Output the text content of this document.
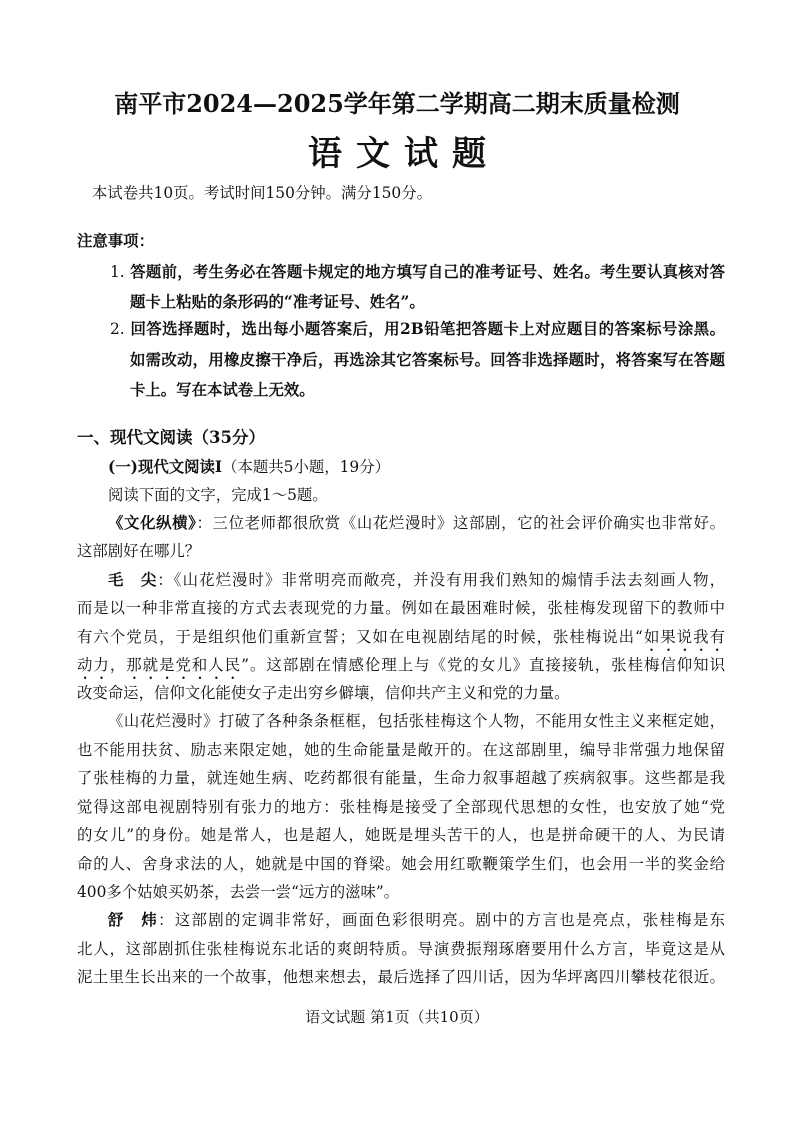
南平市2024—2025学年第二学期高二期末质量检测
语文试题
本试卷共10页。考试时间150分钟。满分150分。
注意事项：
1. 答题前，考生务必在答题卡规定的地方填写自己的准考证号、姓名。考生要认真核对答
题卡上粘贴的条形码的“准考证号、姓名”。
2. 回答选择题时，选出每小题答案后，用2B铅笔把答题卡上对应题目的答案标号涂黑。
如需改动，用橡皮擦干净后，再选涂其它答案标号。回答非选择题时，将答案写在答题
卡上。写在本试卷上无效。
一、现代文阅读（35分）
(一)现代文阅读Ⅰ（本题共5小题，19分）
阅读下面的文字，完成1～5题。
《文化纵横》：三位老师都很欣赏《山花烂漫时》这部剧，它的社会评价确实也非常好。
这部剧好在哪儿？
毛　尖：《山花烂漫时》非常明亮而敞亮，并没有用我们熟知的煽情手法去刻画人物，
而是以一种非常直接的方式去表现党的力量。例如在最困难时候，张桂梅发现留下的教师中
有六个党员，于是组织他们重新宣誓；又如在电视剧结尾的时候，张桂梅说出“如果说我有
动力，那就是党和人民”。这部剧在情感伦理上与《党的女儿》直接接轨，张桂梅信仰知识
改变命运，信仰文化能使女子走出穷乡僻壤，信仰共产主义和党的力量。
《山花烂漫时》打破了各种条条框框，包括张桂梅这个人物，不能用女性主义来框定她，
也不能用扶贫、励志来限定她，她的生命能量是敞开的。在这部剧里，编导非常强力地保留
了张桂梅的力量，就连她生病、吃药都很有能量，生命力叙事超越了疾病叙事。这些都是我
觉得这部电视剧特别有张力的地方：张桂梅是接受了全部现代思想的女性，也安放了她“党
的女儿”的身份。她是常人，也是超人，她既是埋头苦干的人，也是拼命硬干的人、为民请
命的人、舍身求法的人，她就是中国的脊梁。她会用红歌鞭策学生们，也会用一半的奖金给
400多个姑娘买奶茶，去尝一尝“远方的滋味”。
舒　炜：这部剧的定调非常好，画面色彩很明亮。剧中的方言也是亮点，张桂梅是东
北人，这部剧抓住张桂梅说东北话的爽朗特质。导演费振翔琢磨要用什么方言，毕竟这是从
泥土里生长出来的一个故事，他想来想去，最后选择了四川话，因为华坪离四川攀枝花很近。
语文试题 第1页（共10页）
